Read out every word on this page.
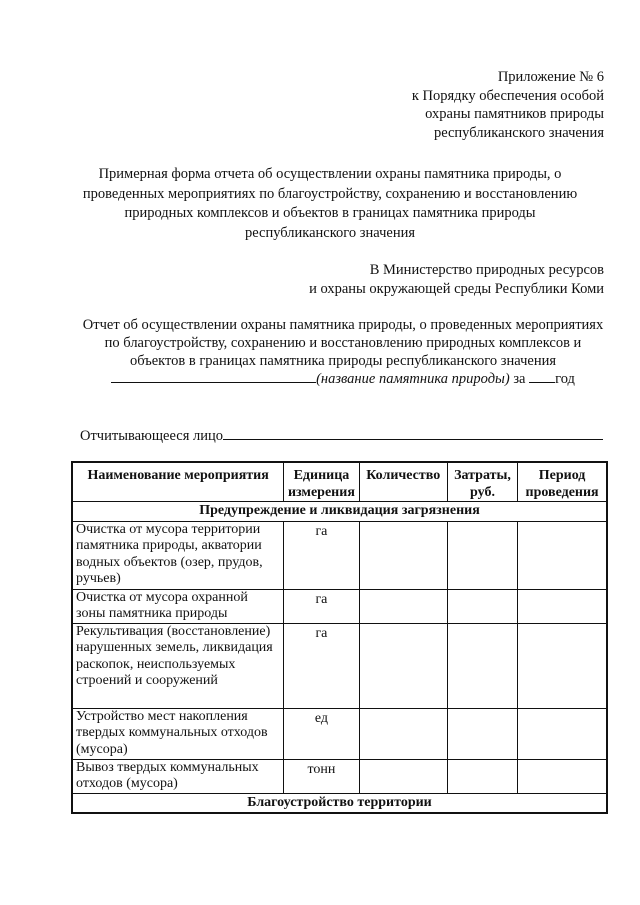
Приложение № 6
к Порядку обеспечения особой
охраны памятников природы
республиканского значения
Примерная форма отчета об осуществлении охраны памятника природы, о
проведенных мероприятиях по благоустройству, сохранению и восстановлению
природных комплексов и объектов в границах памятника природы
республиканского значения
В Министерство природных ресурсов
и охраны окружающей среды Республики Коми
Отчет об осуществлении охраны памятника природы, о проведенных мероприятиях
по благоустройству, сохранению и восстановлению природных комплексов и
объектов в границах памятника природы республиканского значения
(название памятника природы) за год
Отчитывающееся лицо
Наименование мероприятия	Единица измерения	Количество	Затраты, руб.	Период проведения
Предупреждение и ликвидация загрязнения				
Очистка от мусора территории памятника природы, акватории водных объектов (озер, прудов, ручьев)	га			
Очистка от мусора охранной зоны памятника природы	га			
Рекультивация (восстановление) нарушенных земель, ликвидация раскопок, неиспользуемых строений и сооружений	га			
Устройство мест накопления твердых коммунальных отходов (мусора)	ед			
Вывоз твердых коммунальных отходов (мусора)	тонн			
Благоустройство территории				
